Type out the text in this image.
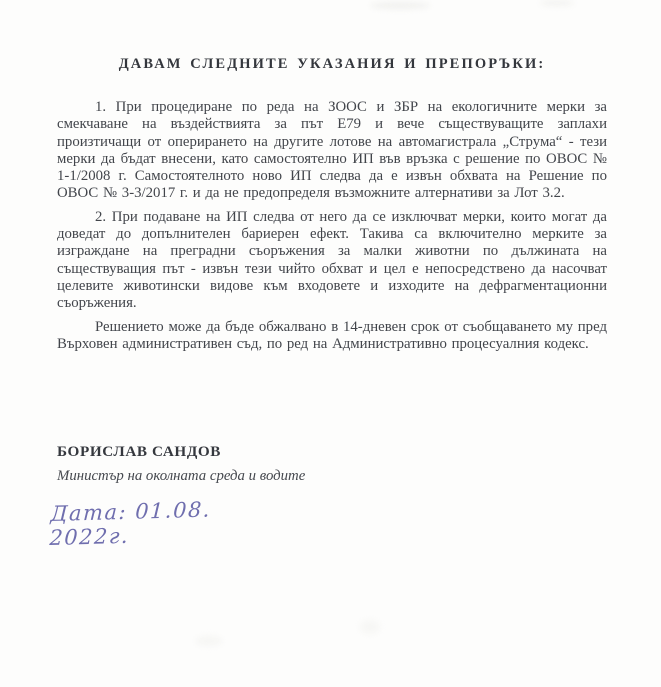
ДАВАМ СЛЕДНИТЕ УКАЗАНИЯ И ПРЕПОРЪКИ:

1. При процедиране по реда на ЗООС и ЗБР на екологичните мерки за смекчаване на въздействията за път Е79 и вече съществуващите заплахи произтичащи от оперирането на другите лотове на автомагистрала „Струма“ - тези мерки да бъдат внесени, като самостоятелно ИП във връзка с решение по ОВОС № 1-1/2008 г. Самостоятелното ново ИП следва да е извън обхвата на Решение по ОВОС № 3-3/2017 г. и да не предопределя възможните алтернативи за Лот 3.2.

2. При подаване на ИП следва от него да се изключват мерки, които могат да доведат до допълнителен бариерен ефект. Такива са включително мерките за изграждане на преградни съоръжения за малки животни по дължината на съществуващия път - извън тези чийто обхват и цел е непосредствено да насочват целевите животински видове към входовете и изходите на дефрагментационни съоръжения.

Решението може да бъде обжалвано в 14-дневен срок от съобщаването му пред Върховен административен съд, по ред на Административно процесуалния кодекс.

БОРИСЛАВ САНДОВ
Министър на околната среда и водите
Дата: 01.08. 2022г.
